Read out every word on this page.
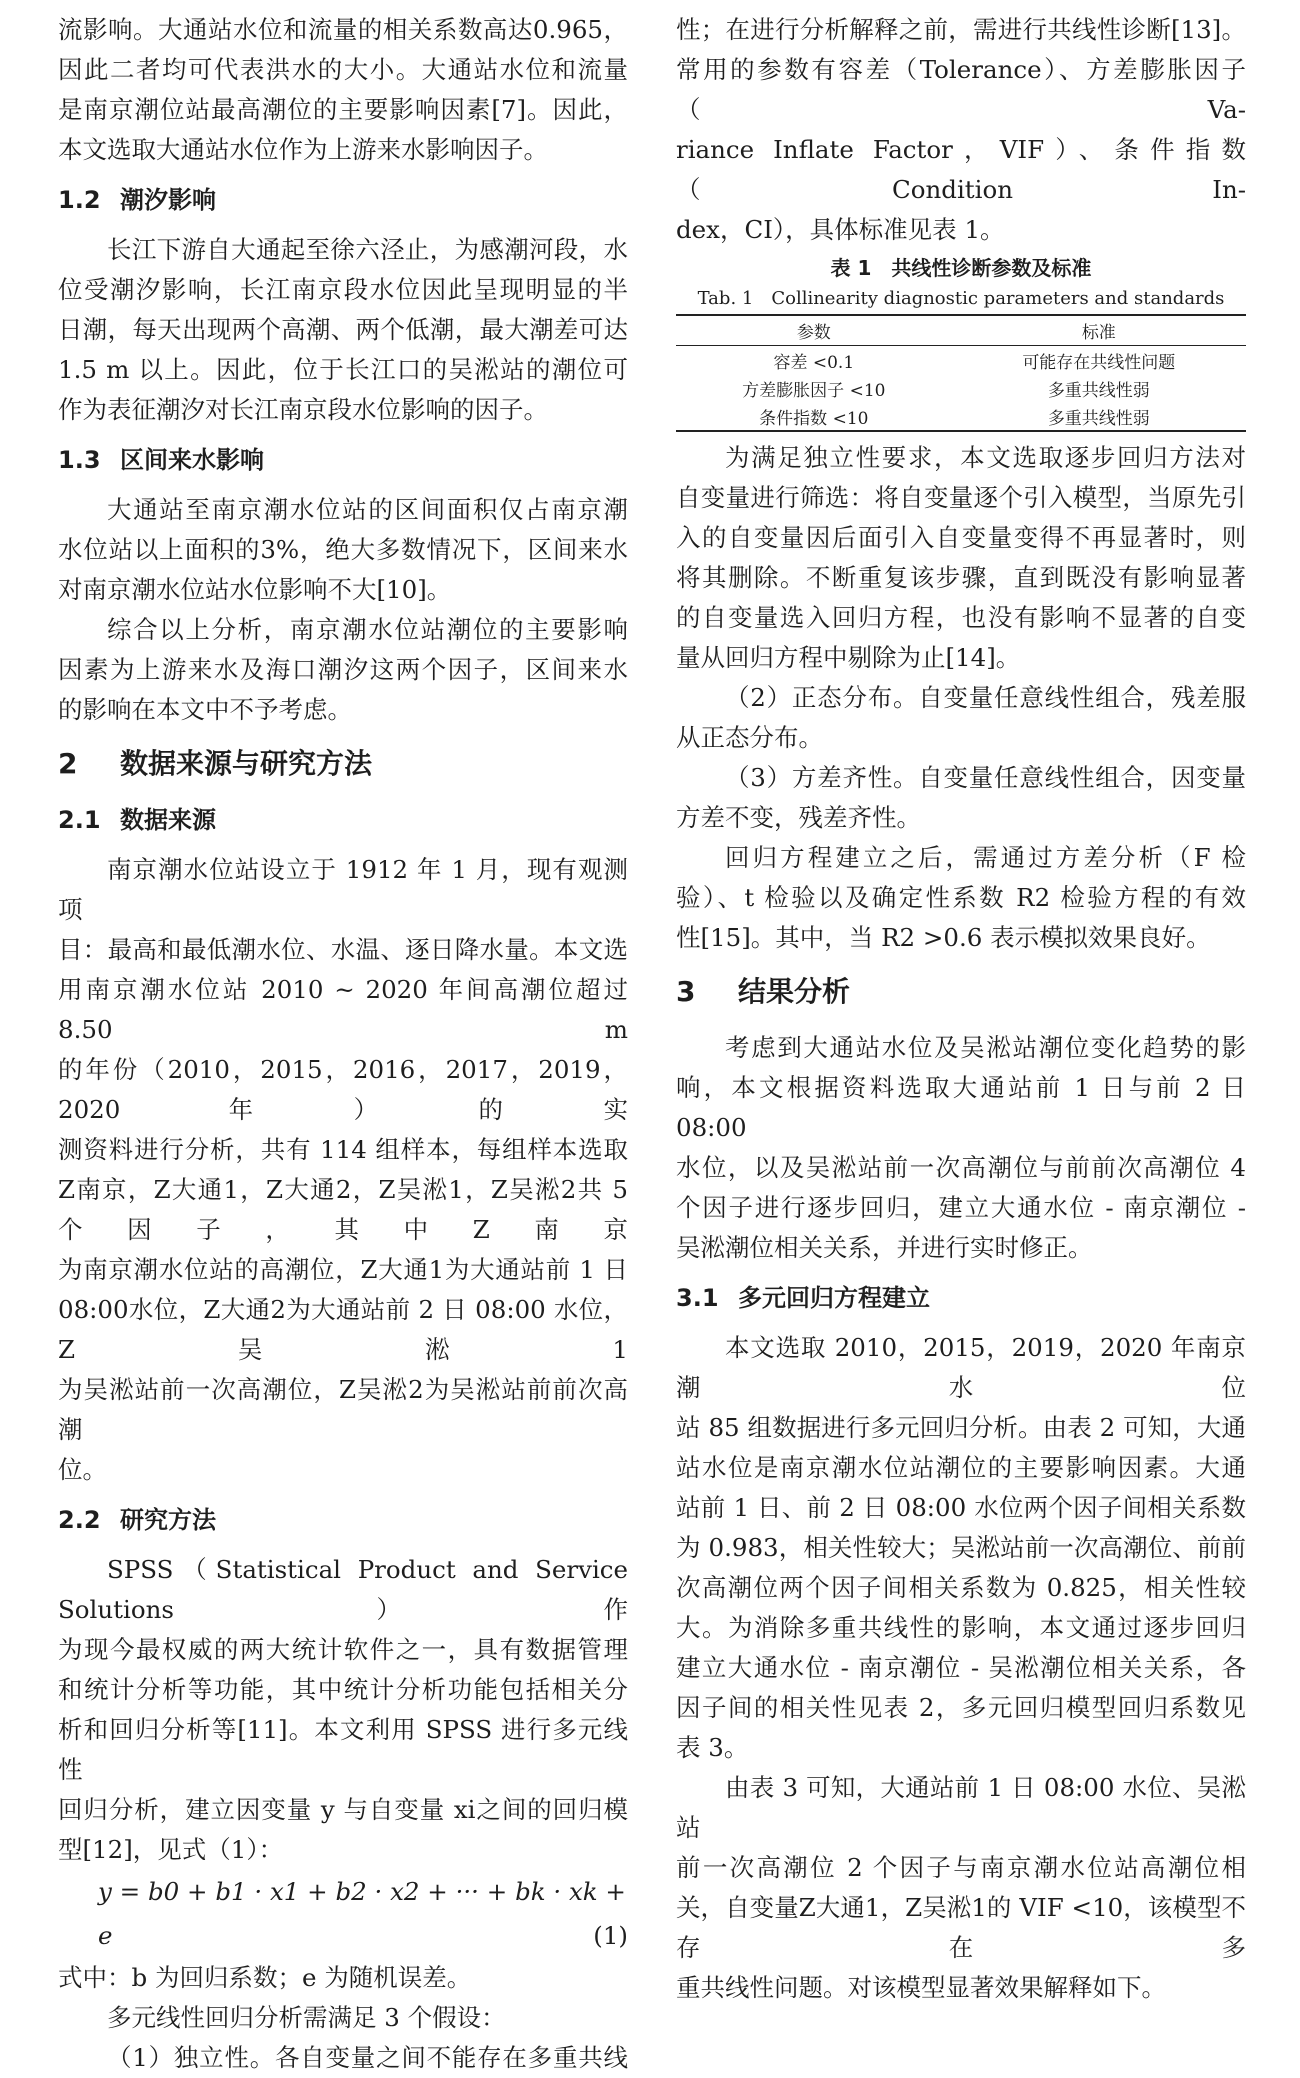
流影响。大通站水位和流量的相关系数高达0.965，

因此二者均可代表洪水的大小。大通站水位和流量

是南京潮位站最高潮位的主要影响因素[7]。因此，

本文选取大通站水位作为上游来水影响因子。

1.2 潮汐影响

长江下游自大通起至徐六泾止，为感潮河段，水

位受潮汐影响，长江南京段水位因此呈现明显的半

日潮，每天出现两个高潮、两个低潮，最大潮差可达

1.5 m 以上。因此，位于长江口的吴淞站的潮位可

作为表征潮汐对长江南京段水位影响的因子。

1.3 区间来水影响

大通站至南京潮水位站的区间面积仅占南京潮

水位站以上面积的3%，绝大多数情况下，区间来水

对南京潮水位站水位影响不大[10]。

综合以上分析，南京潮水位站潮位的主要影响

因素为上游来水及海口潮汐这两个因子，区间来水

的影响在本文中不予考虑。

2 数据来源与研究方法
2.1 数据来源

南京潮水位站设立于 1912 年 1 月，现有观测项

目：最高和最低潮水位、水温、逐日降水量。本文选

用南京潮水位站 2010 ~ 2020 年间高潮位超过 8.50 m

的年份（2010，2015，2016，2017，2019，2020 年）的实

测资料进行分析，共有 114 组样本，每组样本选取

Z南京，Z大通1，Z大通2，Z吴淞1，Z吴淞2共 5 个因子，其中Z南京

为南京潮水位站的高潮位，Z大通1为大通站前 1 日

08:00水位，Z大通2为大通站前 2 日 08:00 水位，Z吴淞1

为吴淞站前一次高潮位，Z吴淞2为吴淞站前前次高潮

位。

2.2 研究方法

SPSS（Statistical Product and Service Solutions）作

为现今最权威的两大统计软件之一，具有数据管理

和统计分析等功能，其中统计分析功能包括相关分

析和回归分析等[11]。本文利用 SPSS 进行多元线性

回归分析，建立因变量 y 与自变量 xi之间的回归模

型[12]，见式（1）：

y = b0 + b1 · x1 + b2 · x2 + ··· + bk · xk + e	(1)

式中：b 为回归系数；e 为随机误差。

多元线性回归分析需满足 3 个假设：

（1）独立性。各自变量之间不能存在多重共线

性；在进行分析解释之前，需进行共线性诊断[13]。

常用的参数有容差（Tolerance）、方差膨胀因子（Va-

riance Inflate Factor，VIF）、条件指数（Condition In-

dex，CI），具体标准见表 1。

表 1　共线性诊断参数及标准
Tab. 1　Collinearity diagnostic parameters and standards
参数	标准
容差 <0.1	可能存在共线性问题
方差膨胀因子 <10	多重共线性弱
条件指数 <10	多重共线性弱

为满足独立性要求，本文选取逐步回归方法对

自变量进行筛选：将自变量逐个引入模型，当原先引

入的自变量因后面引入自变量变得不再显著时，则

将其删除。不断重复该步骤，直到既没有影响显著

的自变量选入回归方程，也没有影响不显著的自变

量从回归方程中剔除为止[14]。

（2）正态分布。自变量任意线性组合，残差服

从正态分布。

（3）方差齐性。自变量任意线性组合，因变量

方差不变，残差齐性。

回归方程建立之后，需通过方差分析（F 检

验）、t 检验以及确定性系数 R2 检验方程的有效

性[15]。其中，当 R2 >0.6 表示模拟效果良好。

3 结果分析

考虑到大通站水位及吴淞站潮位变化趋势的影

响，本文根据资料选取大通站前 1 日与前 2 日08:00

水位，以及吴淞站前一次高潮位与前前次高潮位 4

个因子进行逐步回归，建立大通水位 - 南京潮位 -

吴淞潮位相关关系，并进行实时修正。

3.1 多元回归方程建立

本文选取 2010，2015，2019，2020 年南京潮水位

站 85 组数据进行多元回归分析。由表 2 可知，大通

站水位是南京潮水位站潮位的主要影响因素。大通

站前 1 日、前 2 日 08:00 水位两个因子间相关系数

为 0.983，相关性较大；吴淞站前一次高潮位、前前

次高潮位两个因子间相关系数为 0.825，相关性较

大。为消除多重共线性的影响，本文通过逐步回归

建立大通水位 - 南京潮位 - 吴淞潮位相关关系，各

因子间的相关性见表 2，多元回归模型回归系数见

表 3。

由表 3 可知，大通站前 1 日 08:00 水位、吴淞站

前一次高潮位 2 个因子与南京潮水位站高潮位相

关，自变量Z大通1，Z吴淞1的 VIF <10，该模型不存在多

重共线性问题。对该模型显著效果解释如下。
